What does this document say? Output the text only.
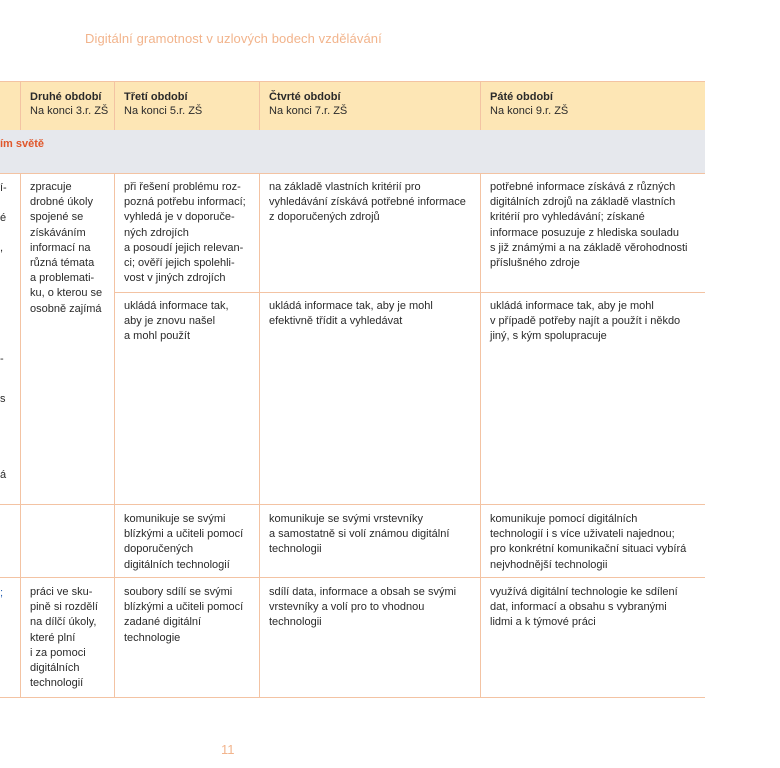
Digitální gramotnost v uzlových bodech vzdělávání
Druhé období
Na konci 3.r. ZŠ
Třetí období
Na konci 5.r. ZŠ
Čtvrté období
Na konci 7.r. ZŠ
Páté období
Na konci 9.r. ZŠ
ím světě
í-
é
,
-
s
á
;
zpracuje
drobné úkoly
spojené se
získáváním
informací na
různá témata
a problemati-
ku, o kterou se
osobně zajímá
při řešení problému roz-
pozná potřebu informací;
vyhledá je v doporuče-
ných zdrojích
a posoudí jejich relevan-
ci; ověří jejich spolehli-
vost v jiných zdrojích
na základě vlastních kritérií pro
vyhledávání získává potřebné informace
z doporučených zdrojů
potřebné informace získává z různých
digitálních zdrojů na základě vlastních
kritérií pro vyhledávání; získané
informace posuzuje z hlediska souladu
s již známými a na základě věrohodnosti
příslušného zdroje
ukládá informace tak,
aby je znovu našel
a mohl použít
ukládá informace tak, aby je mohl
efektivně třídit a vyhledávat
ukládá informace tak, aby je mohl
v případě potřeby najít a použít i někdo
jiný, s kým spolupracuje
komunikuje se svými
blízkými a učiteli pomocí
doporučených
digitálních technologií
komunikuje se svými vrstevníky
a samostatně si volí známou digitální
technologii
komunikuje pomocí digitálních
technologií i s více uživateli najednou;
pro konkrétní komunikační situaci vybírá
nejvhodnější technologii
práci ve sku-
pině si rozdělí
na dílčí úkoly,
které plní
i za pomoci
digitálních
technologií
soubory sdílí se svými
blízkými a učiteli pomocí
zadané digitální
technologie
sdílí data, informace a obsah se svými
vrstevníky a volí pro to vhodnou
technologii
využívá digitální technologie ke sdílení
dat, informací a obsahu s vybranými
lidmi a k týmové práci
11
